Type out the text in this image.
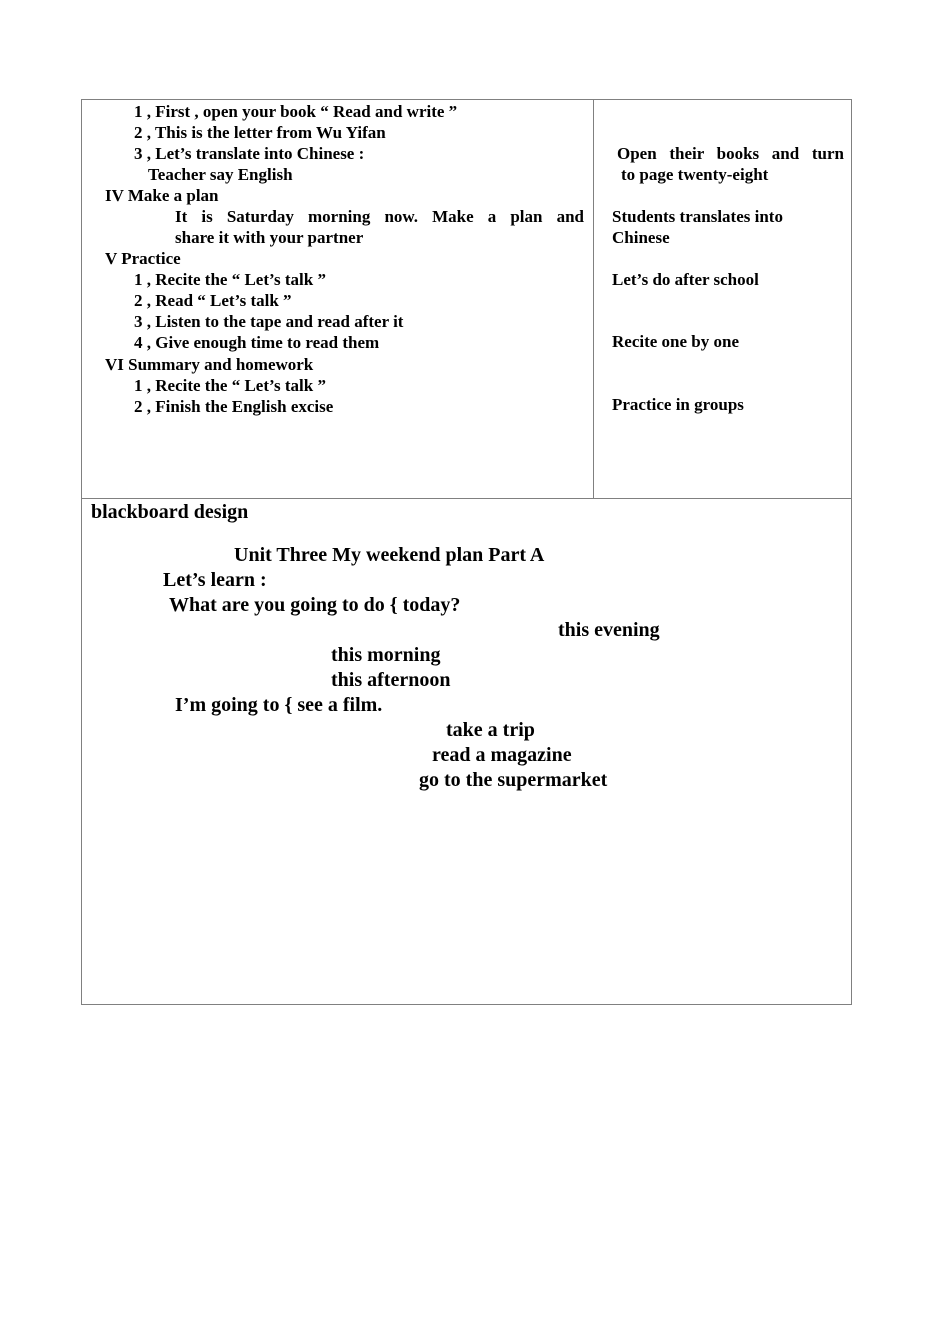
1 , First , open your book “ Read and write ”
2 , This is the letter from Wu Yifan
3 , Let’s translate into Chinese :
Teacher say English
IV Make a plan
It is Saturday morning now. Make a plan and
share it with your partner
V Practice
1 , Recite the “ Let’s talk ”
2 , Read “ Let’s talk ”
3 , Listen to the tape and read after it
4 , Give enough time to read them
VI Summary and homework
1 , Recite the “ Let’s talk ”
2 , Finish the English excise
Open their books and turn
to page twenty-eight
Students translates into
Chinese
Let’s do after school
Recite one by one
Practice in groups
blackboard design
Unit Three My weekend plan Part A
Let’s learn :
What are you going to do { today?
this evening
this morning
this afternoon
I’m going to { see a film.
take a trip
read a magazine
go to the supermarket
